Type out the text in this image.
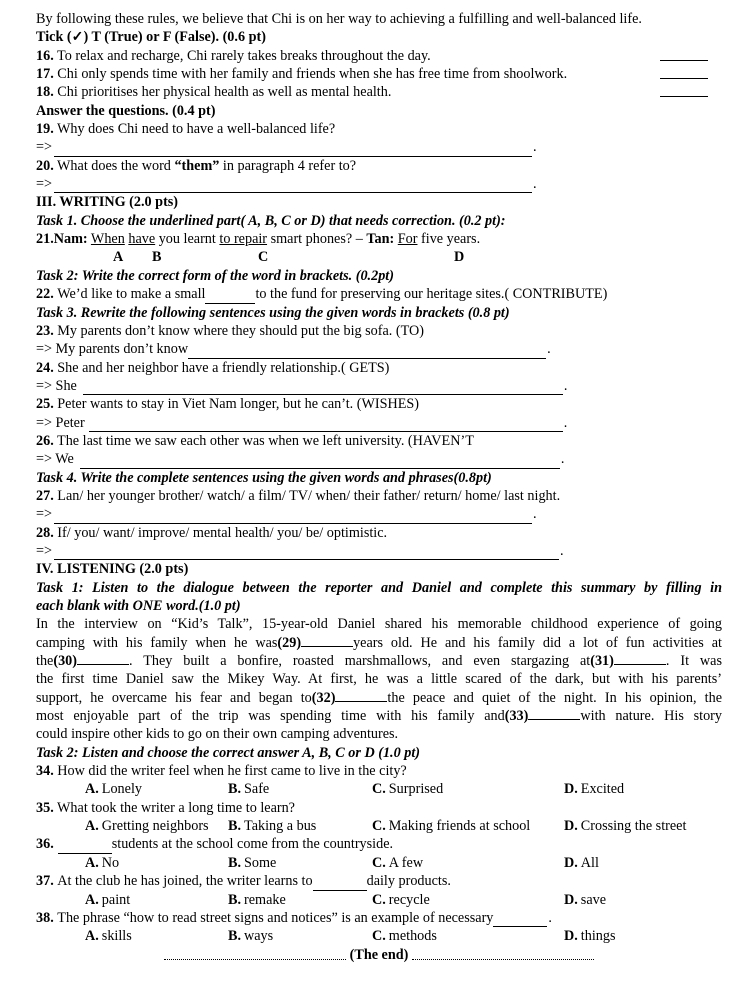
By following these rules, we believe that Chi is on her way to achieving a fulfilling and well-balanced life.
Tick (✓) T (True) or F (False). (0.6 pt)
16. To relax and recharge, Chi rarely takes breaks throughout the day.
17. Chi only spends time with her family and friends when she has free time from shoolwork.
18. Chi prioritises her physical health as well as mental health.
Answer the questions. (0.4 pt)
19. Why does Chi need to have a well-balanced life?
=>	.
20. What does the word “them” in paragraph 4 refer to?
=>	.
III. WRITING (2.0 pts)
Task 1. Choose the underlined part( A, B, C or D) that needs correction. (0.2 pt):
21.Nam: When have you learnt to repair smart phones? – Tan: For five years.
A B	C	D
Task 2: Write the correct form of the word in brackets. (0.2pt)
22.
We’d like to make a small	to the fund for preserving our heritage sites.( CONTRIBUTE)
Task 3. Rewrite the following sentences using the given words in brackets (0.8 pt)
23. My parents don’t know where they should put the big sofa. (TO)
=> My parents don’t know	.
24. She and her neighbor have a friendly relationship.( GETS)
=> She	.
25. Peter wants to stay in Viet Nam longer, but he can’t. (WISHES)
=> Peter	.
26. The last time we saw each other was when we left university. (HAVEN’T
=> We	.
Task 4. Write the complete sentences using the given words and phrases(0.8pt)
27. Lan/ her younger brother/ watch/ a film/ TV/ when/ their father/ return/ home/ last night.
=>	.
28. If/ you/ want/ improve/ mental health/ you/ be/ optimistic.
=>	.
IV. LISTENING (2.0 pts)
Task 1: Listen to the dialogue between the reporter and Daniel and complete this summary by filling in
each blank with ONE word.(1.0 pt)
In the interview on “Kid’s Talk”, 15-year-old Daniel shared his memorable childhood experience of going
camping with his family when he was(29)	years old. He and his family did a lot of fun activities at
the(30)	. They built a bonfire, roasted marshmallows, and even stargazing at(31)	. It was
the first time Daniel saw the Mikey Way. At first, he was a little scared of the dark, but with his parents’
support, he overcame his fear and began to(32)	the peace and quiet of the night. In his opinion, the
most enjoyable part of the trip was spending time with his family and(33)	with nature. His story
could inspire other kids to go on their own camping adventures.
Task 2: Listen and choose the correct answer A, B, C or D (1.0 pt)
34. How did the writer feel when he first came to live in the city?
A. Lonely	B. Safe	C. Surprised	D. Excited
35. What took the writer a long time to learn?
A. Gretting neighbors B. Taking a bus	C. Making friends at school D. Crossing the street
36.	students at the school come from the countryside.
A. No	B. Some	C. A few	D. All
37.
At the club he has joined, the writer learns to	daily products.
A. paint	B. remake	C. recycle	D. save
38.
The phrase “how to read street signs and notices” is an example of necessary	.
A. skills	B. ways	C. methods	D. things
(The end)
